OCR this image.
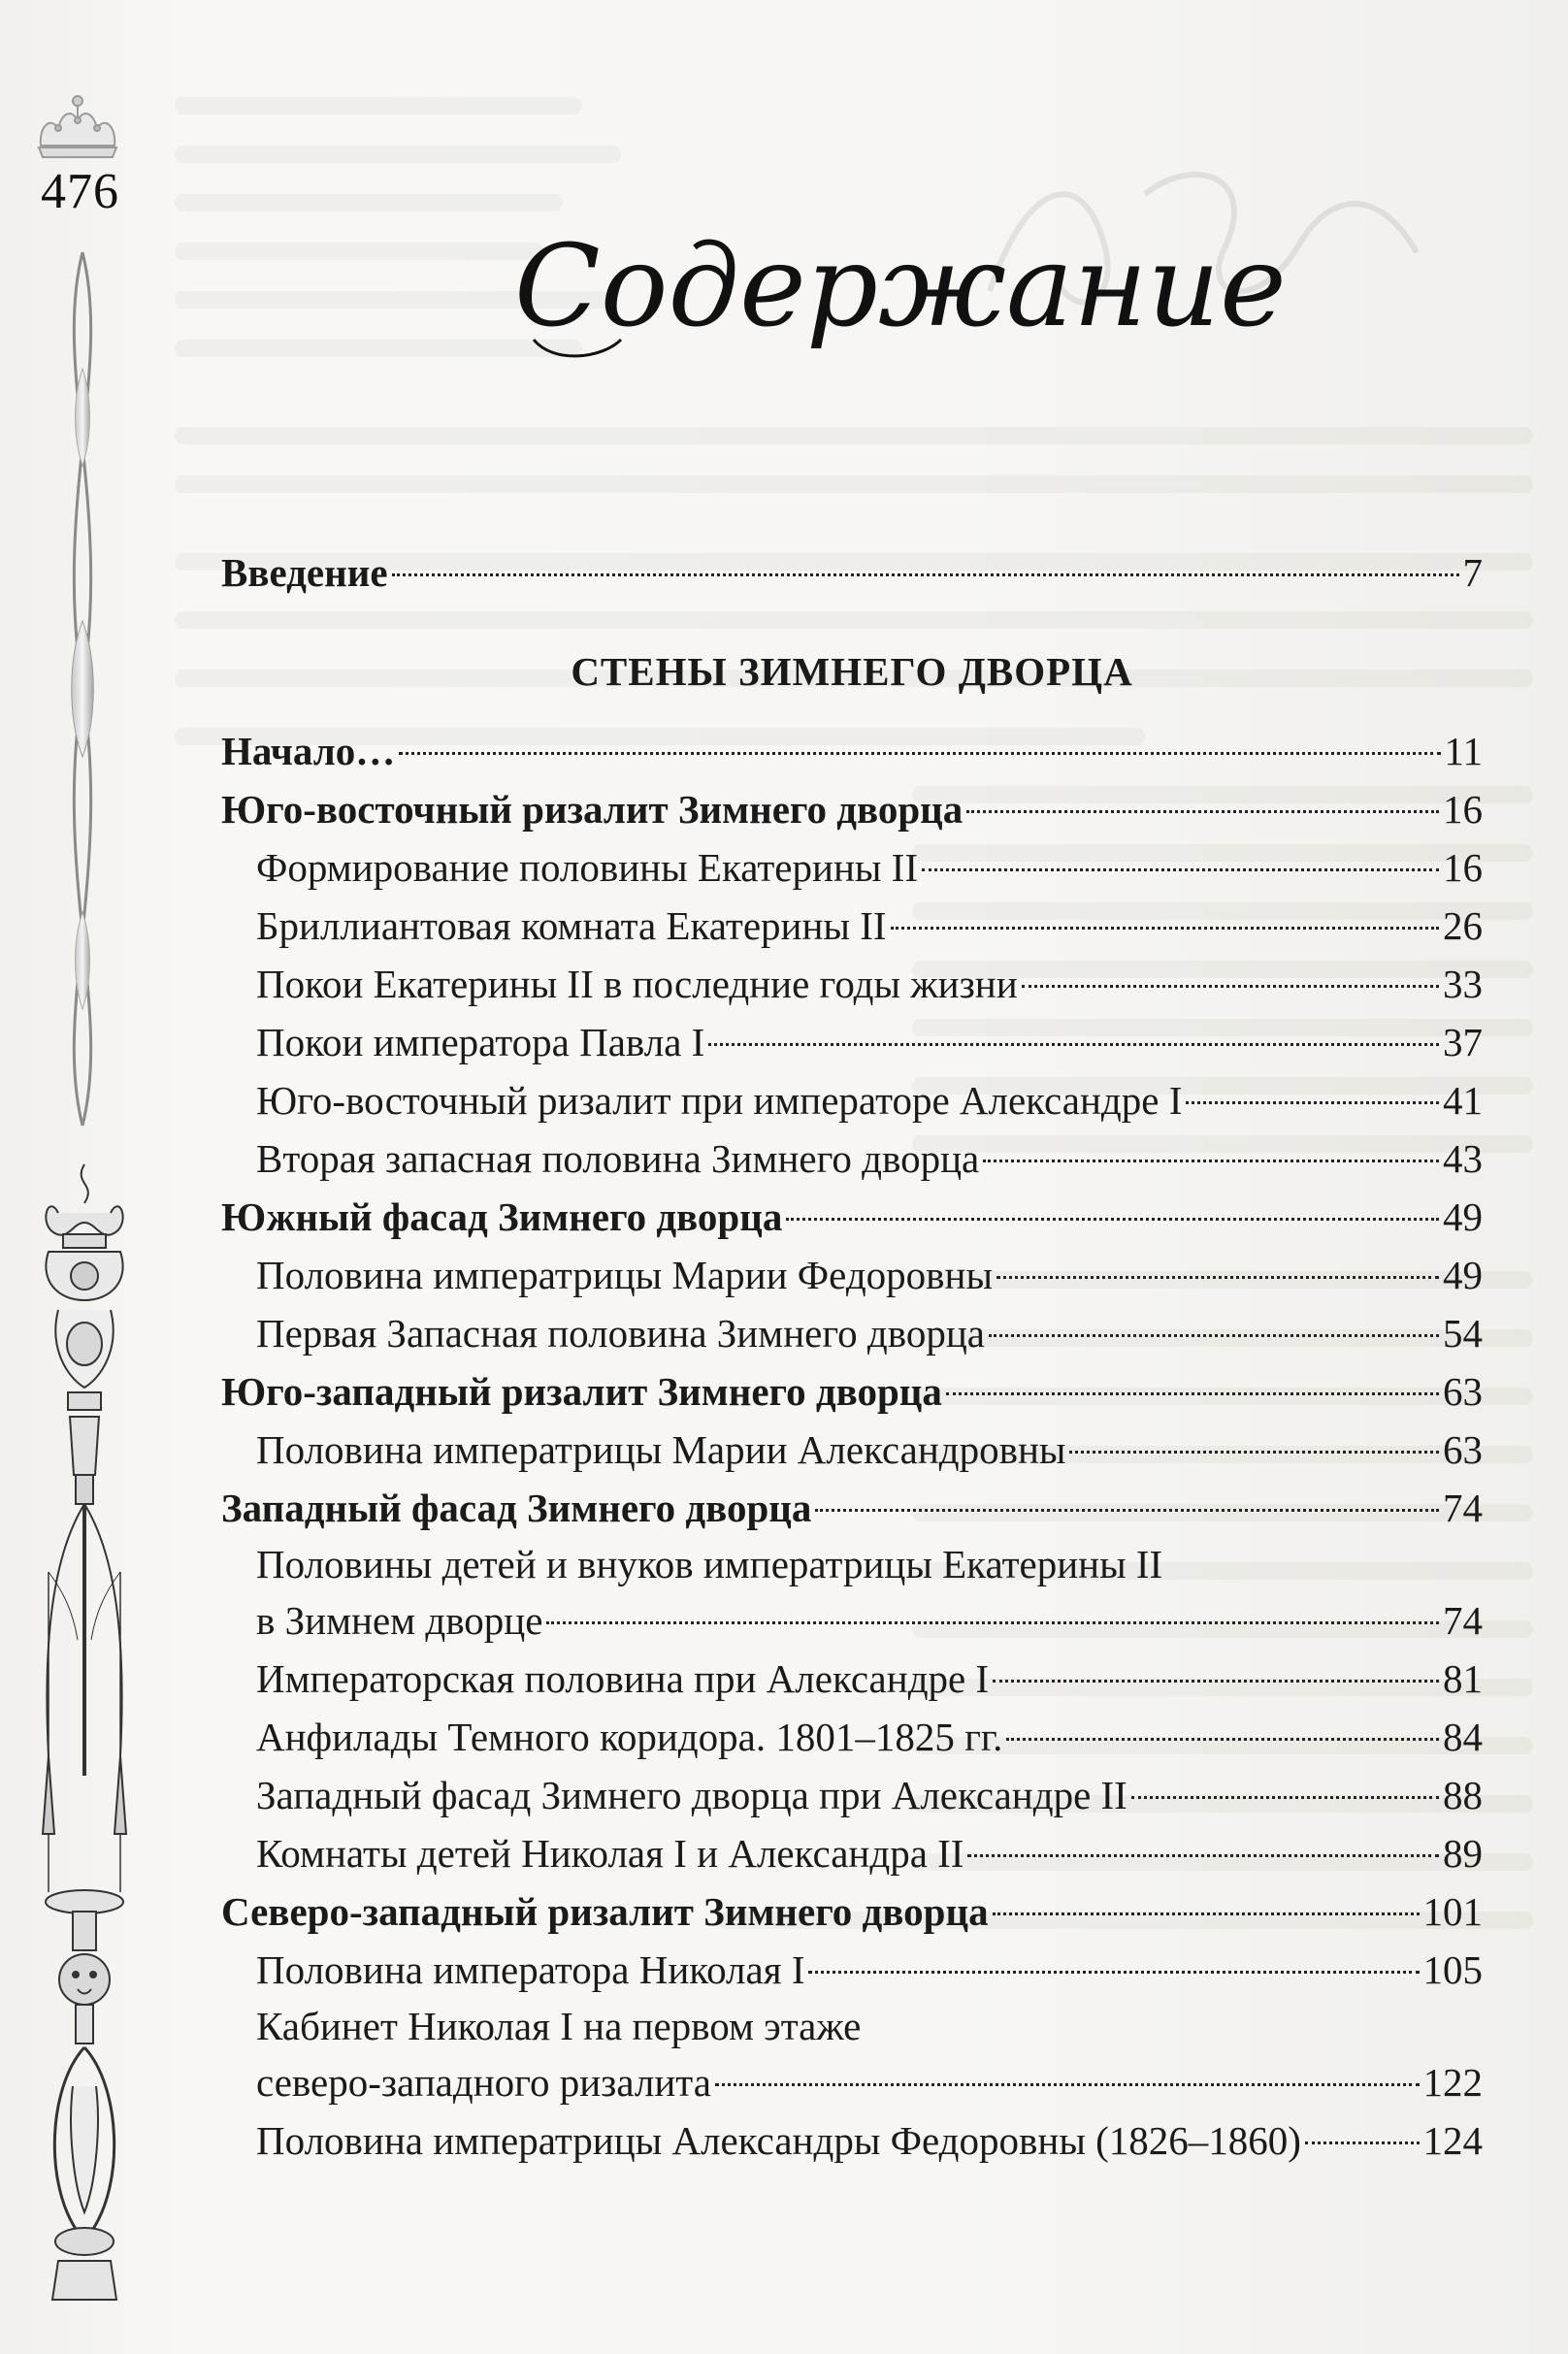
476
Содержание
Введение	7
СТЕНЫ ЗИМНЕГО ДВОРЦА
Начало…	11
Юго-восточный ризалит Зимнего дворца	16
Формирование половины Екатерины II	16
Бриллиантовая комната Екатерины II	26
Покои Екатерины II в последние годы жизни	33
Покои императора Павла I	37
Юго-восточный ризалит при императоре Александре I	41
Вторая запасная половина Зимнего дворца	43
Южный фасад Зимнего дворца	49
Половина императрицы Марии Федоровны	49
Первая Запасная половина Зимнего дворца	54
Юго-западный ризалит Зимнего дворца	63
Половина императрицы Марии Александровны	63
Западный фасад Зимнего дворца	74
Половины детей и внуков императрицы Екатерины II
в Зимнем дворце	74
Императорская половина при Александре I	81
Анфилады Темного коридора. 1801–1825 гг.	84
Западный фасад Зимнего дворца при Александре II	88
Комнаты детей Николая I и Александра II	89
Северо-западный ризалит Зимнего дворца	101
Половина императора Николая I	105
Кабинет Николая I на первом этаже
северо-западного ризалита	122
Половина императрицы Александры Федоровны (1826–1860)	124
